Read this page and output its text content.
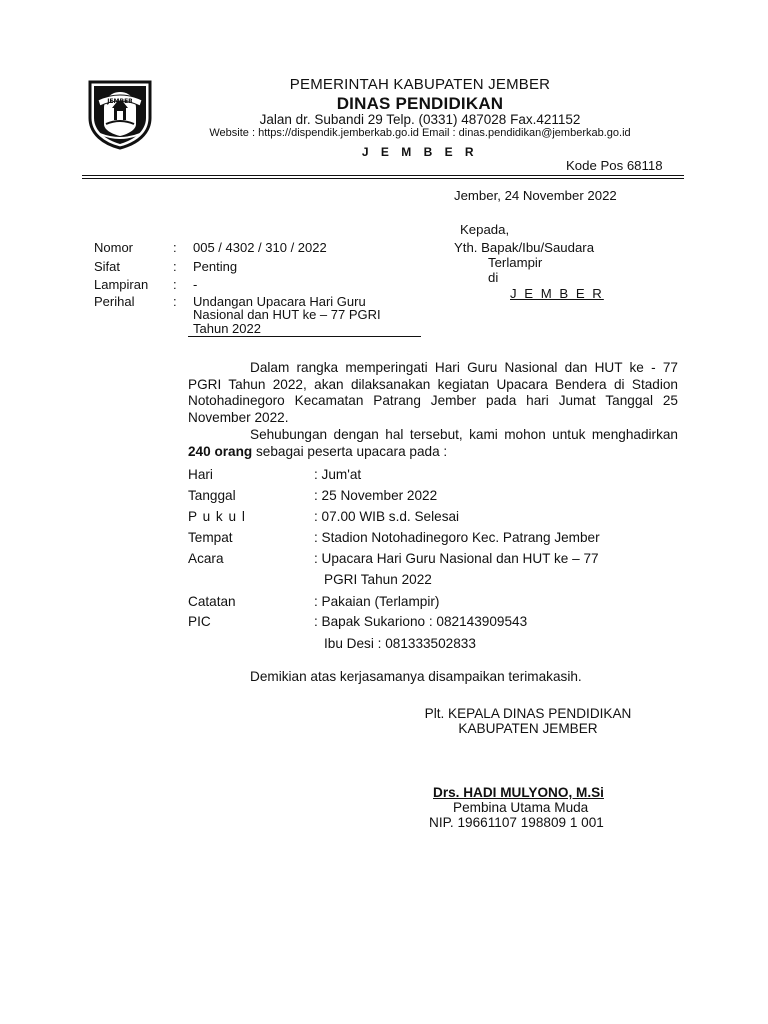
JEMBER
PEMERINTAH KABUPATEN JEMBER
DINAS PENDIDIKAN
Jalan dr. Subandi 29 Telp. (0331) 487028 Fax.421152
Website : https://dispendik.jemberkab.go.id Email : dinas.pendidikan@jemberkab.go.id
J E M B E R
Kode Pos 68118
Jember, 24 November 2022
Kepada,
Yth. Bapak/Ibu/Saudara
Terlampir
di
J E M B E R
Nomor	: 005 / 4302 / 310 / 2022
Sifat	: Penting
Lampiran : -
Perihal	: Undangan Upacara Hari Guru
Nasional dan HUT ke – 77 PGRI
Tahun 2022
Dalam rangka memperingati Hari Guru Nasional dan HUT ke - 77 PGRI Tahun 2022, akan dilaksanakan kegiatan Upacara Bendera di Stadion Notohadinegoro Kecamatan Patrang Jember pada hari Jumat Tanggal 25 November 2022.
Sehubungan dengan hal tersebut, kami mohon untuk menghadirkan 240 orang sebagai peserta upacara pada :
Hari	: Jum'at
Tanggal	: 25 November 2022
P u k u l	: 07.00 WIB s.d. Selesai
Tempat	: Stadion Notohadinegoro Kec. Patrang Jember
Acara	: Upacara Hari Guru Nasional dan HUT ke – 77
PGRI Tahun 2022
Catatan	: Pakaian (Terlampir)
PIC	: Bapak Sukariono : 082143909543
Ibu Desi : 081333502833
Demikian atas kerjasamanya disampaikan terimakasih.
Plt. KEPALA DINAS PENDIDIKAN
KABUPATEN JEMBER
Drs. HADI MULYONO, M.Si
Pembina Utama Muda
NIP. 19661107 198809 1 001
